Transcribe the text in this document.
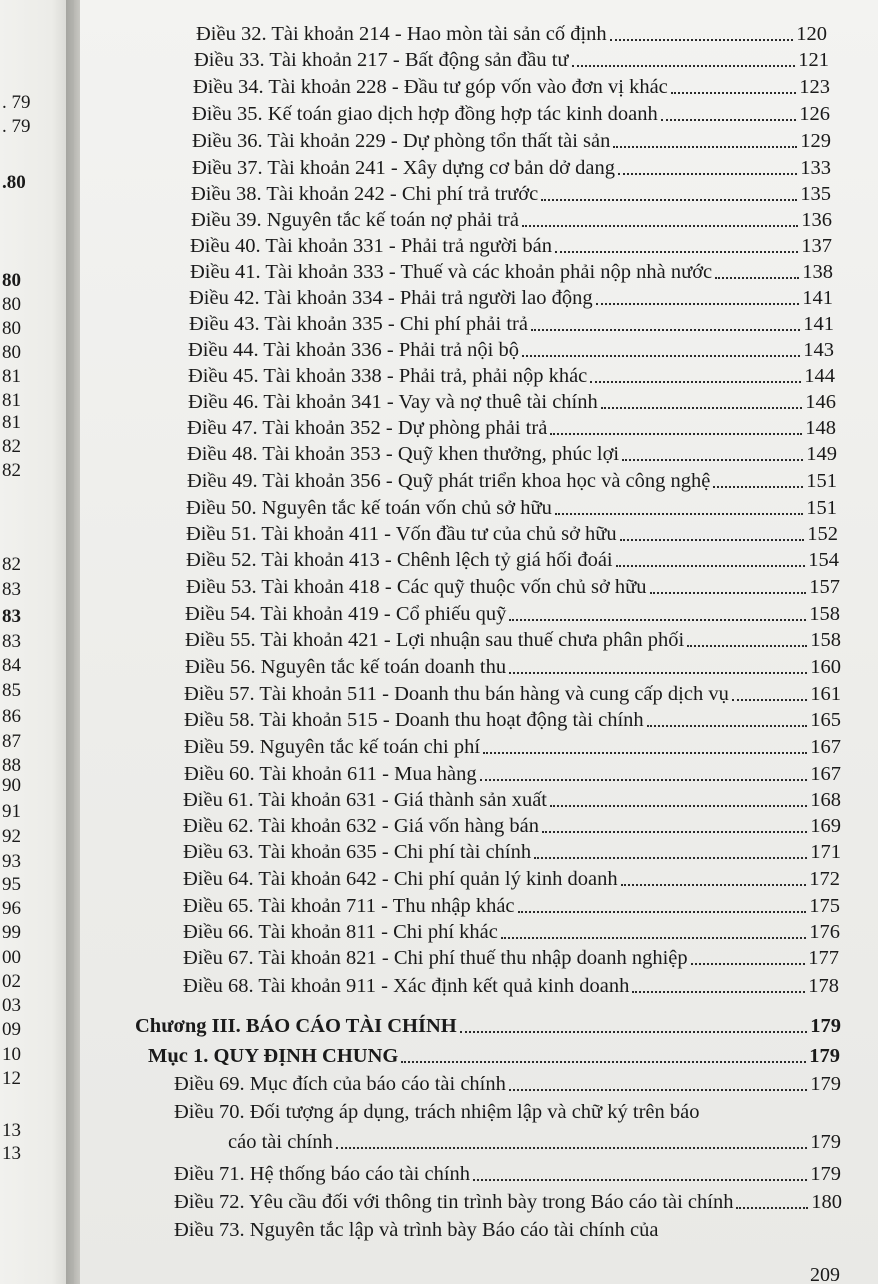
. 79
. 79
.80
80
80
80
80
81
81
81
82
82
82
83
83
83
84
85
86
87
88
90
91
92
93
95
96
99
00
02
03
09
10
12
13
13
Điều 32. Tài khoản 214 - Hao mòn tài sản cố định	120
Điều 33. Tài khoản 217 - Bất động sản đầu tư	121
Điều 34. Tài khoản 228 - Đầu tư góp vốn vào đơn vị khác	123
Điều 35. Kế toán giao dịch hợp đồng hợp tác kinh doanh	126
Điều 36. Tài khoản 229 - Dự phòng tổn thất tài sản	129
Điều 37. Tài khoản 241 - Xây dựng cơ bản dở dang	133
Điều 38. Tài khoản 242 - Chi phí trả trước	135
Điều 39. Nguyên tắc kế toán nợ phải trả	136
Điều 40. Tài khoản 331 - Phải trả người bán	137
Điều 41. Tài khoản 333 - Thuế và các khoản phải nộp nhà nước	138
Điều 42. Tài khoản 334 - Phải trả người lao động	141
Điều 43. Tài khoản 335 - Chi phí phải trả	141
Điều 44. Tài khoản 336 - Phải trả nội bộ	143
Điều 45. Tài khoản 338 - Phải trả, phải nộp khác	144
Điều 46. Tài khoản 341 - Vay và nợ thuê tài chính	146
Điều 47. Tài khoản 352 - Dự phòng phải trả	148
Điều 48. Tài khoản 353 - Quỹ khen thưởng, phúc lợi	149
Điều 49. Tài khoản 356 - Quỹ phát triển khoa học và công nghệ	151
Điều 50. Nguyên tắc kế toán vốn chủ sở hữu	151
Điều 51. Tài khoản 411 - Vốn đầu tư của chủ sở hữu	152
Điều 52. Tài khoản 413 - Chênh lệch tỷ giá hối đoái	154
Điều 53. Tài khoản 418 - Các quỹ thuộc vốn chủ sở hữu	157
Điều 54. Tài khoản 419 - Cổ phiếu quỹ	158
Điều 55. Tài khoản 421 - Lợi nhuận sau thuế chưa phân phối	158
Điều 56. Nguyên tắc kế toán doanh thu	160
Điều 57. Tài khoản 511 - Doanh thu bán hàng và cung cấp dịch vụ	161
Điều 58. Tài khoản 515 - Doanh thu hoạt động tài chính	165
Điều 59. Nguyên tắc kế toán chi phí	167
Điều 60. Tài khoản 611 - Mua hàng	167
Điều 61. Tài khoản 631 - Giá thành sản xuất	168
Điều 62. Tài khoản 632 - Giá vốn hàng bán	169
Điều 63. Tài khoản 635 - Chi phí tài chính	171
Điều 64. Tài khoản 642 - Chi phí quản lý kinh doanh	172
Điều 65. Tài khoản 711 - Thu nhập khác	175
Điều 66. Tài khoản 811 - Chi phí khác	176
Điều 67. Tài khoản 821 - Chi phí thuế thu nhập doanh nghiệp	177
Điều 68. Tài khoản 911 - Xác định kết quả kinh doanh	178
Chương III. BÁO CÁO TÀI CHÍNH	179
Mục 1. QUY ĐỊNH CHUNG	179
Điều 69. Mục đích của báo cáo tài chính	179
Điều 70. Đối tượng áp dụng, trách nhiệm lập và chữ ký trên báo
cáo tài chính	179
Điều 71. Hệ thống báo cáo tài chính	179
Điều 72. Yêu cầu đối với thông tin trình bày trong Báo cáo tài chính	180
Điều 73. Nguyên tắc lập và trình bày Báo cáo tài chính của
209
